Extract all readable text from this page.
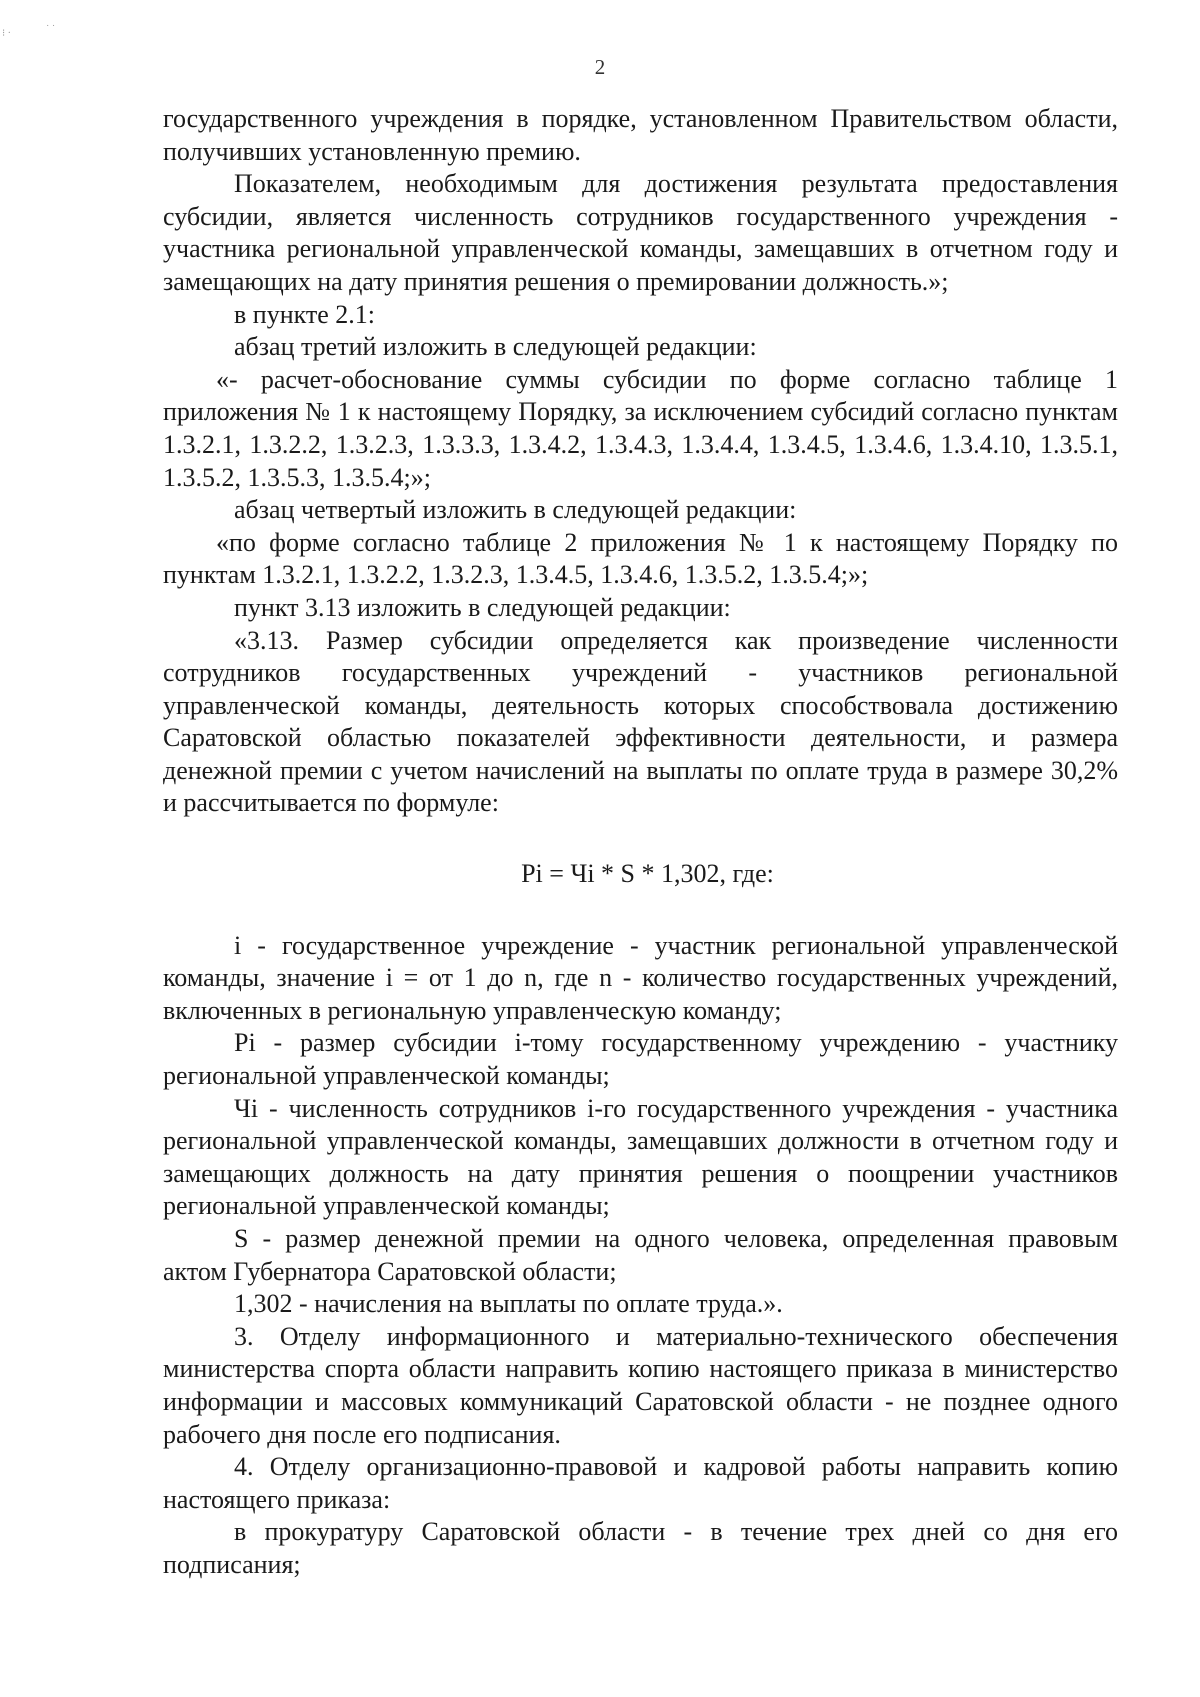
⁝ ·	˙ ˙
2

государственного учреждения в порядке, установленном Правительством области, получивших установленную премию.

Показателем, необходимым для достижения результата предоставления субсидии, является численность сотрудников государственного учреждения - участника региональной управленческой команды, замещавших в отчетном году и замещающих на дату принятия решения о премировании должность.»;

в пункте 2.1:

абзац третий изложить в следующей редакции:

«- расчет-обоснование суммы субсидии по форме согласно таблице 1 приложения № 1 к настоящему Порядку, за исключением субсидий согласно пунктам 1.3.2.1, 1.3.2.2, 1.3.2.3, 1.3.3.3, 1.3.4.2, 1.3.4.3, 1.3.4.4, 1.3.4.5, 1.3.4.6, 1.3.4.10, 1.3.5.1, 1.3.5.2, 1.3.5.3, 1.3.5.4;»;

абзац четвертый изложить в следующей редакции:

«по форме согласно таблице 2 приложения № 1 к настоящему Порядку по пунктам 1.3.2.1, 1.3.2.2, 1.3.2.3, 1.3.4.5, 1.3.4.6, 1.3.5.2, 1.3.5.4;»;

пункт 3.13 изложить в следующей редакции:

«3.13. Размер субсидии определяется как произведение численности сотрудников государственных учреждений - участников региональной управленческой команды, деятельность которых способствовала достижению Саратовской областью показателей эффективности деятельности, и размера денежной премии с учетом начислений на выплаты по оплате труда в размере 30,2% и рассчитывается по формуле:

Pi = Чi * S * 1,302, где:

i - государственное учреждение - участник региональной управленческой команды, значение i = от 1 до n, где n - количество государственных учреждений, включенных в региональную управленческую команду;

Pi - размер субсидии i-тому государственному учреждению - участнику региональной управленческой команды;

Чi - численность сотрудников i-го государственного учреждения - участника региональной управленческой команды, замещавших должности в отчетном году и замещающих должность на дату принятия решения о поощрении участников региональной управленческой команды;

S - размер денежной премии на одного человека, определенная правовым актом Губернатора Саратовской области;

1,302 - начисления на выплаты по оплате труда.».

3. Отделу информационного и материально-технического обеспечения министерства спорта области направить копию настоящего приказа в министерство информации и массовых коммуникаций Саратовской области - не позднее одного рабочего дня после его подписания.

4. Отделу организационно-правовой и кадровой работы направить копию настоящего приказа:

в прокуратуру Саратовской области - в течение трех дней со дня его подписания;
